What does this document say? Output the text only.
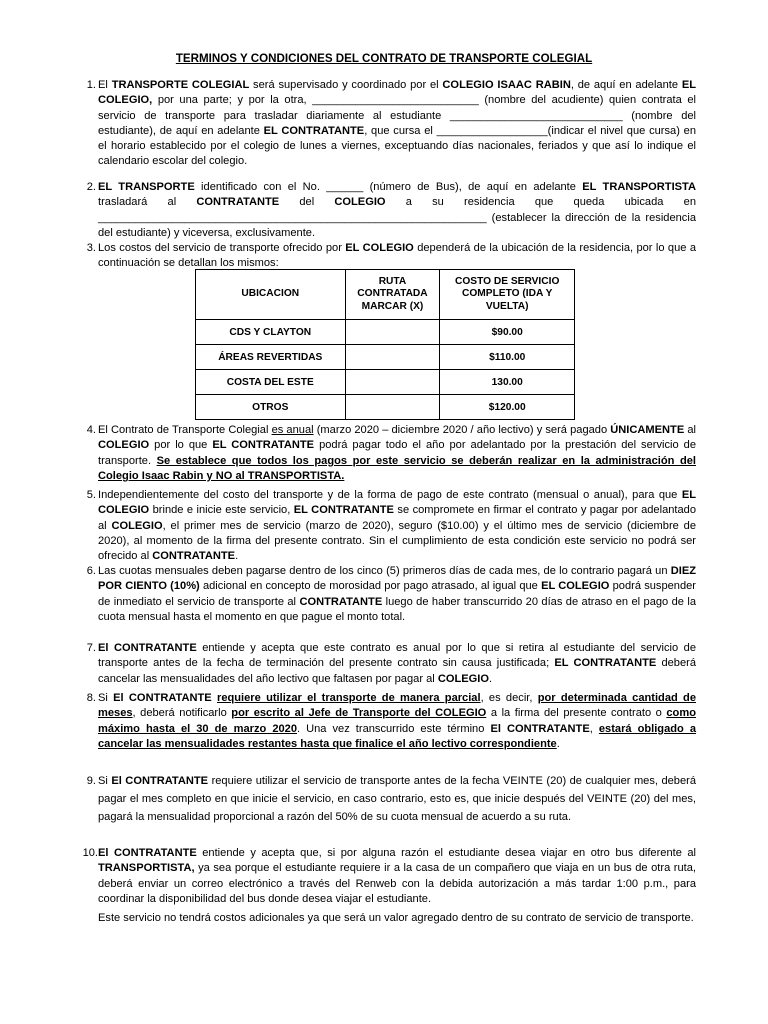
TERMINOS Y CONDICIONES DEL CONTRATO DE TRANSPORTE COLEGIAL
1. El TRANSPORTE COLEGIAL será supervisado y coordinado por el COLEGIO ISAAC RABIN, de aquí en adelante EL COLEGIO, por una parte; y por la otra, ___________________________ (nombre del acudiente) quien contrata el servicio de transporte para trasladar diariamente al estudiante ____________________________ (nombre del estudiante), de aquí en adelante EL CONTRATANTE, que cursa el __________________(indicar el nivel que cursa) en el horario establecido por el colegio de lunes a viernes, exceptuando días nacionales, feriados y que así lo indique el calendario escolar del colegio.

2. EL TRANSPORTE identificado con el No. ______ (número de Bus), de aquí en adelante EL TRANSPORTISTA trasladará al CONTRATANTE del COLEGIO a su residencia que queda ubicada en _______________________________________________________________ (establecer la dirección de la residencia del estudiante) y viceversa, exclusivamente.

3. Los costos del servicio de transporte ofrecido por EL COLEGIO dependerá de la ubicación de la residencia, por lo que a continuación se detallan los mismos:

UBICACION	RUTA CONTRATADA MARCAR (X)	COSTO DE SERVICIO COMPLETO (IDA Y VUELTA)
CDS Y CLAYTON		$90.00
ÁREAS REVERTIDAS		$110.00
COSTA DEL ESTE		130.00
OTROS		$120.00
4. El Contrato de Transporte Colegial es anual (marzo 2020 – diciembre 2020 / año lectivo) y será pagado ÚNICAMENTE al COLEGIO por lo que EL CONTRATANTE podrá pagar todo el año por adelantado por la prestación del servicio de transporte. Se establece que todos los pagos por este servicio se deberán realizar en la administración del Colegio Isaac Rabin y NO al TRANSPORTISTA.

5. Independientemente del costo del transporte y de la forma de pago de este contrato (mensual o anual), para que EL COLEGIO brinde e inicie este servicio, EL CONTRATANTE se compromete en firmar el contrato y pagar por adelantado al COLEGIO, el primer mes de servicio (marzo de 2020), seguro ($10.00) y el último mes de servicio (diciembre de 2020), al momento de la firma del presente contrato. Sin el cumplimiento de esta condición este servicio no podrá ser ofrecido al CONTRATANTE.

6. Las cuotas mensuales deben pagarse dentro de los cinco (5) primeros días de cada mes, de lo contrario pagará un DIEZ POR CIENTO (10%) adicional en concepto de morosidad por pago atrasado, al igual que EL COLEGIO podrá suspender de inmediato el servicio de transporte al CONTRATANTE luego de haber transcurrido 20 días de atraso en el pago de la cuota mensual hasta el momento en que pague el monto total.

7. El CONTRATANTE entiende y acepta que este contrato es anual por lo que si retira al estudiante del servicio de transporte antes de la fecha de terminación del presente contrato sin causa justificada; EL CONTRATANTE deberá cancelar las mensualidades del año lectivo que faltasen por pagar al COLEGIO.

8. Si El CONTRATANTE requiere utilizar el transporte de manera parcial, es decir, por determinada cantidad de meses, deberá notificarlo por escrito al Jefe de Transporte del COLEGIO a la firma del presente contrato o como máximo hasta el 30 de marzo 2020. Una vez transcurrido este término El CONTRATANTE, estará obligado a cancelar las mensualidades restantes hasta que finalice el año lectivo correspondiente.

9. Si El CONTRATANTE requiere utilizar el servicio de transporte antes de la fecha VEINTE (20) de cualquier mes, deberá pagar el mes completo en que inicie el servicio, en caso contrario, esto es, que inicie después del VEINTE (20) del mes, pagará la mensualidad proporcional a razón del 50% de su cuota mensual de acuerdo a su ruta.

10. El CONTRATANTE entiende y acepta que, si por alguna razón el estudiante desea viajar en otro bus diferente al TRANSPORTISTA, ya sea porque el estudiante requiere ir a la casa de un compañero que viaja en un bus de otra ruta, deberá enviar un correo electrónico a través del Renweb con la debida autorización a más tardar 1:00 p.m., para coordinar la disponibilidad del bus donde desea viajar el estudiante.

Este servicio no tendrá costos adicionales ya que será un valor agregado dentro de su contrato de servicio de transporte.
